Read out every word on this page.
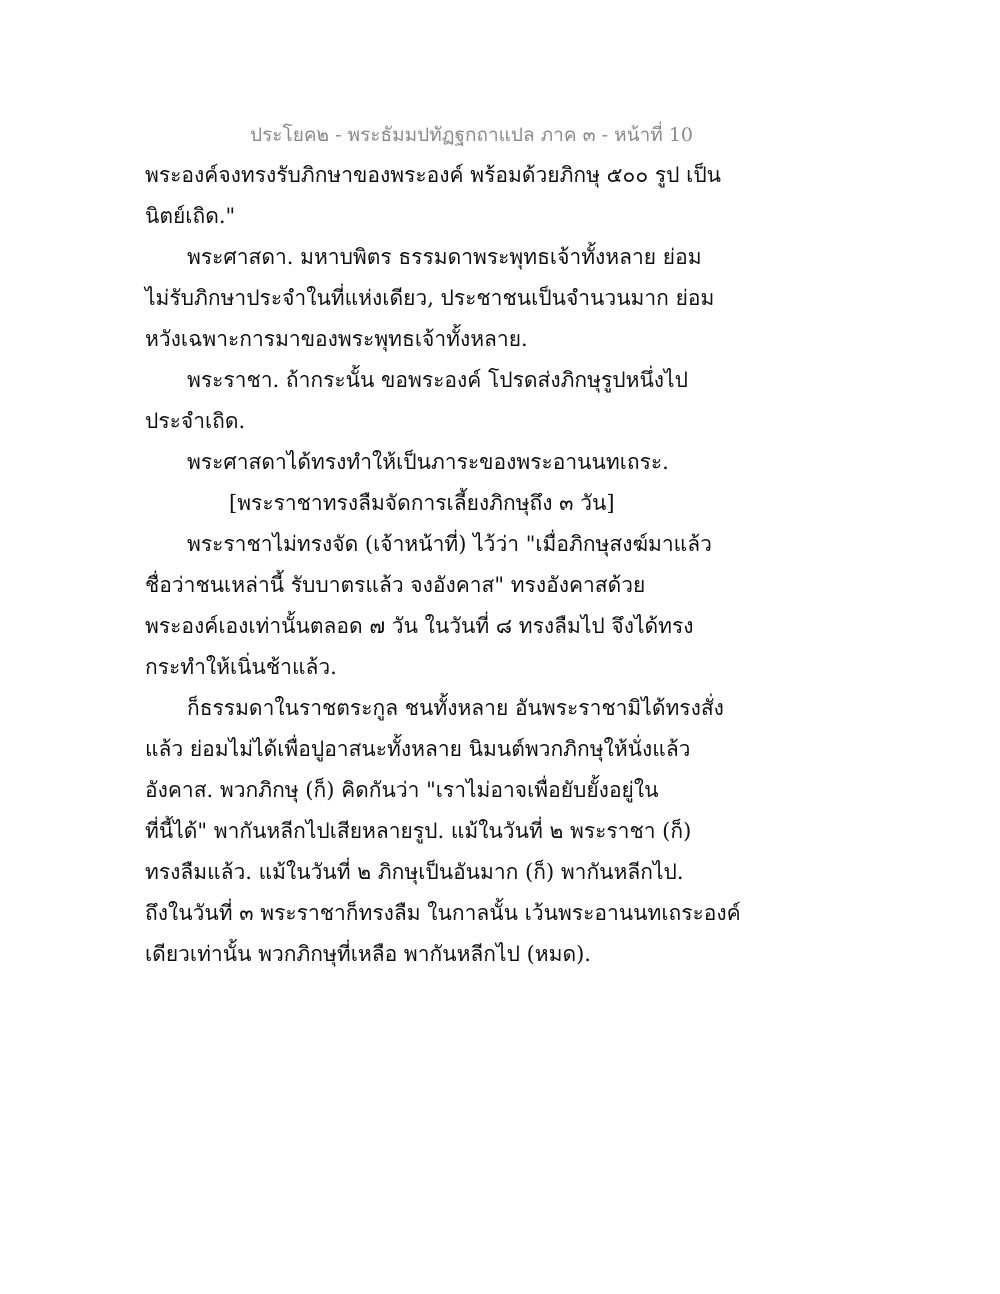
ประโยค๒ - พระธัมมปทัฏฐกถาแปล ภาค ๓ - หน้าที่ 10
พระองค์จงทรงรับภิกษาของพระองค์ พร้อมด้วยภิกษุ ๕๐๐ รูป เป็น
นิตย์เถิด."
พระศาสดา. มหาบพิตร ธรรมดาพระพุทธเจ้าทั้งหลาย ย่อม
ไม่รับภิกษาประจำในที่แห่งเดียว, ประชาชนเป็นจำนวนมาก ย่อม
หวังเฉพาะการมาของพระพุทธเจ้าทั้งหลาย.
พระราชา. ถ้ากระนั้น ขอพระองค์ โปรดส่งภิกษุรูปหนึ่งไป
ประจำเถิด.
พระศาสดาได้ทรงทำให้เป็นภาระของพระอานนทเถระ.
[พระราชาทรงลืมจัดการเลี้ยงภิกษุถึง ๓ วัน]
พระราชาไม่ทรงจัด (เจ้าหน้าที่) ไว้ว่า "เมื่อภิกษุสงฆ์มาแล้ว
ชื่อว่าชนเหล่านี้ รับบาตรแล้ว จงอังคาส" ทรงอังคาสด้วย
พระองค์เองเท่านั้นตลอด ๗ วัน ในวันที่ ๘ ทรงลืมไป จึงได้ทรง
กระทำให้เนิ่นช้าแล้ว.
ก็ธรรมดาในราชตระกูล ชนทั้งหลาย อันพระราชามิได้ทรงสั่ง
แล้ว ย่อมไม่ได้เพื่อปูอาสนะทั้งหลาย นิมนต์พวกภิกษุให้นั่งแล้ว
อังคาส. พวกภิกษุ (ก็) คิดกันว่า "เราไม่อาจเพื่อยับยั้งอยู่ใน
ที่นี้ได้" พากันหลีกไปเสียหลายรูป. แม้ในวันที่ ๒ พระราชา (ก็)
ทรงลืมแล้ว. แม้ในวันที่ ๒ ภิกษุเป็นอันมาก (ก็) พากันหลีกไป.
ถึงในวันที่ ๓ พระราชาก็ทรงลืม ในกาลนั้น เว้นพระอานนทเถระองค์
เดียวเท่านั้น พวกภิกษุที่เหลือ พากันหลีกไป (หมด).
